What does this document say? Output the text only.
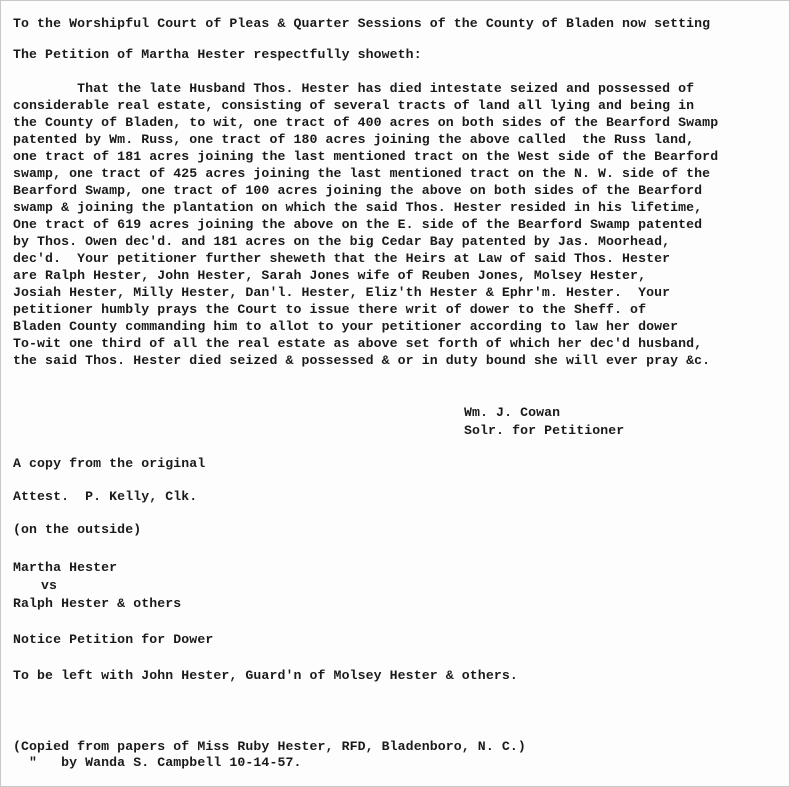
To the Worshipful Court of Pleas & Quarter Sessions of the County of Bladen now setting
The Petition of Martha Hester respectfully showeth:
That the late Husband Thos. Hester has died intestate seized and possessed of
considerable real estate, consisting of several tracts of land all lying and being in
the County of Bladen, to wit, one tract of 400 acres on both sides of the Bearford Swamp
patented by Wm. Russ, one tract of 180 acres joining the above called  the Russ land,
one tract of 181 acres joining the last mentioned tract on the West side of the Bearford
swamp, one tract of 425 acres joining the last mentioned tract on the N. W. side of the
Bearford Swamp, one tract of 100 acres joining the above on both sides of the Bearford
swamp & joining the plantation on which the said Thos. Hester resided in his lifetime,
One tract of 619 acres joining the above on the E. side of the Bearford Swamp patented
by Thos. Owen dec'd. and 181 acres on the big Cedar Bay patented by Jas. Moorhead,
dec'd.  Your petitioner further sheweth that the Heirs at Law of said Thos. Hester
are Ralph Hester, John Hester, Sarah Jones wife of Reuben Jones, Molsey Hester,
Josiah Hester, Milly Hester, Dan'l. Hester, Eliz'th Hester & Ephr'm. Hester.  Your
petitioner humbly prays the Court to issue there writ of dower to the Sheff. of
Bladen County commanding him to allot to your petitioner according to law her dower
To-wit one third of all the real estate as above set forth of which her dec'd husband,
the said Thos. Hester died seized & possessed & or in duty bound she will ever pray &c.
Wm. J. Cowan
Solr. for Petitioner
A copy from the original
Attest.  P. Kelly, Clk.
(on the outside)
Martha Hester
vs
Ralph Hester & others
Notice Petition for Dower
To be left with John Hester, Guard'n of Molsey Hester & others.
(Copied from papers of Miss Ruby Hester, RFD, Bladenboro, N. C.)
"   by Wanda S. Campbell 10-14-57.
